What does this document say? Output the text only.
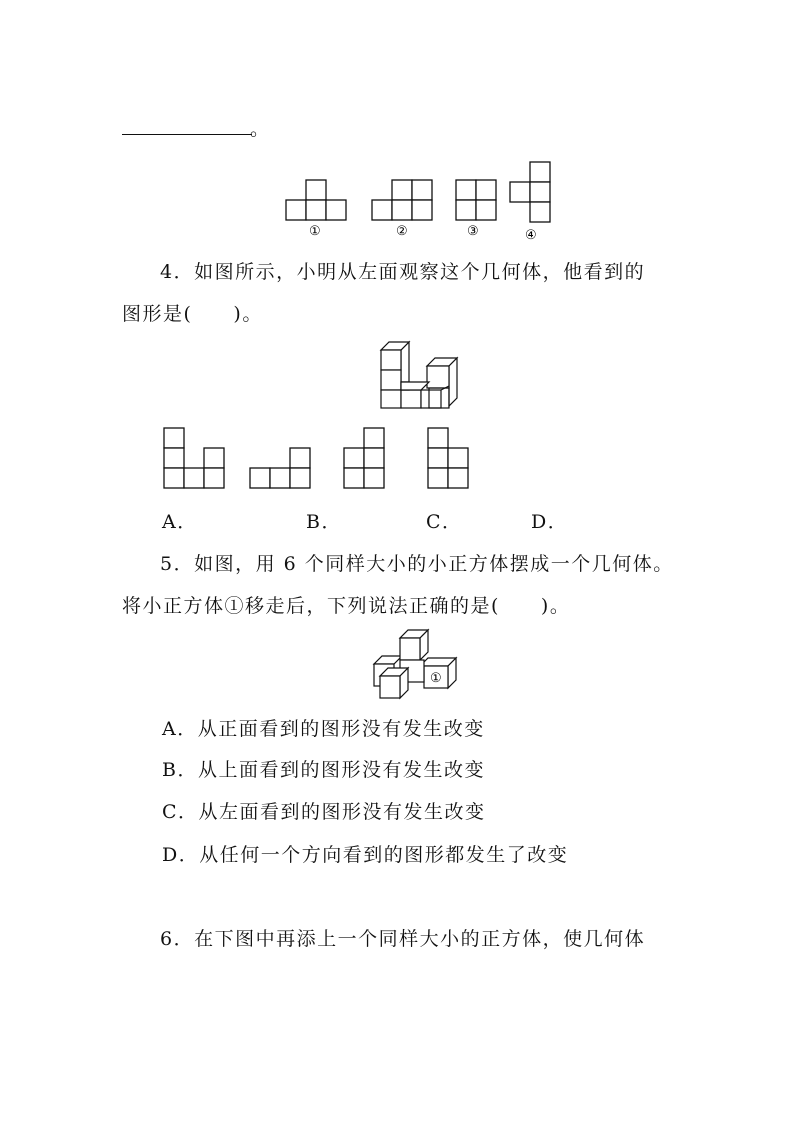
。
①	②	③	④
4．如图所示，小明从左面观察这个几何体，他看到的
图形是(　　)。
A．	B．	C．	D．
5．如图，用 6 个同样大小的小正方体摆成一个几何体。
将小正方体①移走后，下列说法正确的是(　　)。
①
A．从正面看到的图形没有发生改变
B．从上面看到的图形没有发生改变
C．从左面看到的图形没有发生改变
D．从任何一个方向看到的图形都发生了改变
6．在下图中再添上一个同样大小的正方体，使几何体
